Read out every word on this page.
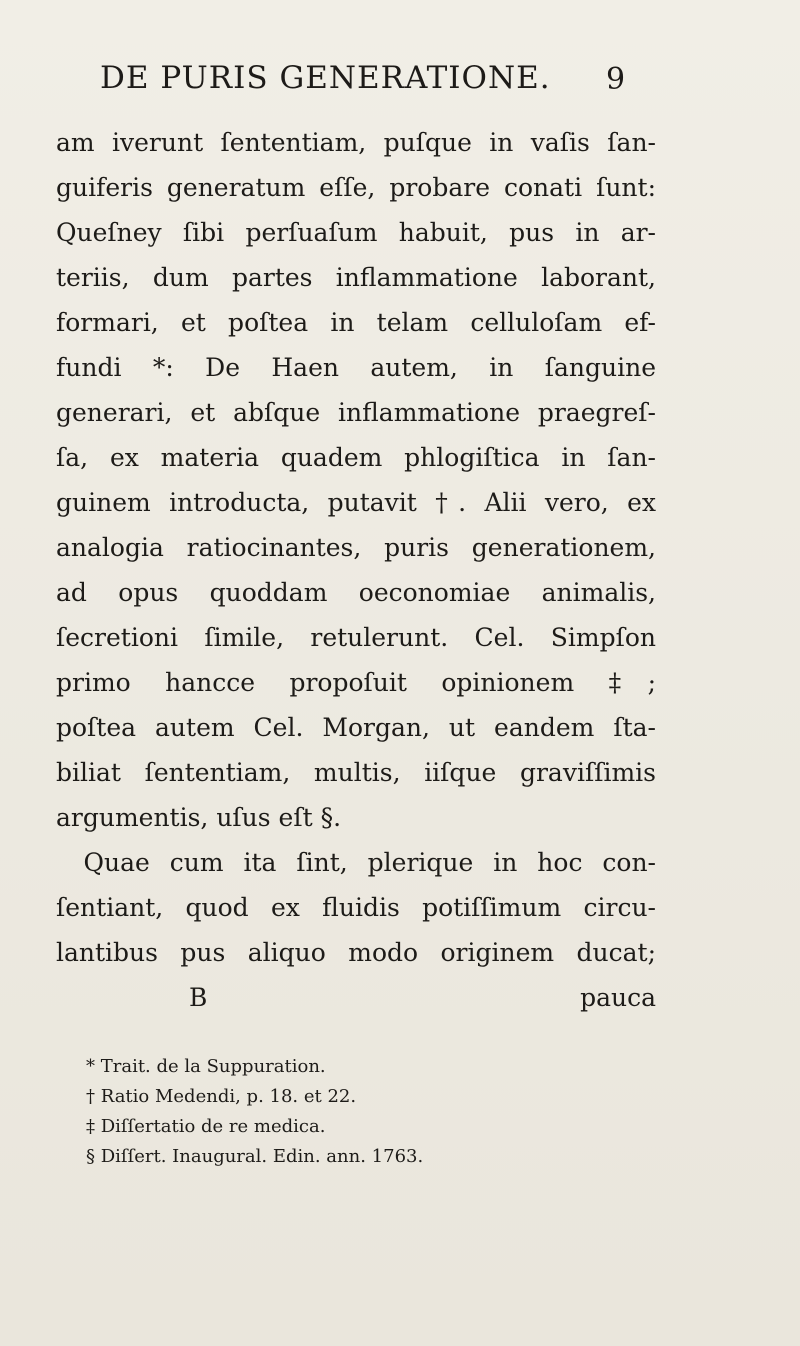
DE PURIS GENERATIONE.	9
am iverunt ſententiam, puſque in vaſis ſan-
guiferis generatum eſſe, probare conati ſunt:
Queſney ſibi perſuaſum habuit, pus in ar-
teriis, dum partes inflammatione laborant,
formari, et poſtea in telam celluloſam ef-
fundi *: De Haen autem, in ſanguine
generari, et abſque inflammatione praegreſ-
ſa, ex materia quadem phlogiſtica in ſan-
guinem introducta, putavit †. Alii vero, ex
analogia ratiocinantes, puris generationem,
ad opus quoddam oeconomiae animalis,
ſecretioni ſimile, retulerunt. Cel. Simpſon
primo hancce propoſuit opinionem ‡;
poſtea autem Cel. Morgan, ut eandem ſta-
biliat ſententiam, multis, iiſque graviſſimis
argumentis, uſus eſt §.
Quae cum ita ſint, plerique in hoc con-
ſentiant, quod ex fluidis potiſſimum circu-
lantibus pus aliquo modo originem ducat;
B	pauca
* Trait. de la Suppuration.
† Ratio Medendi, p. 18. et 22.
‡ Diſſertatio de re medica.
§ Diſſert. Inaugural. Edin. ann. 1763.
